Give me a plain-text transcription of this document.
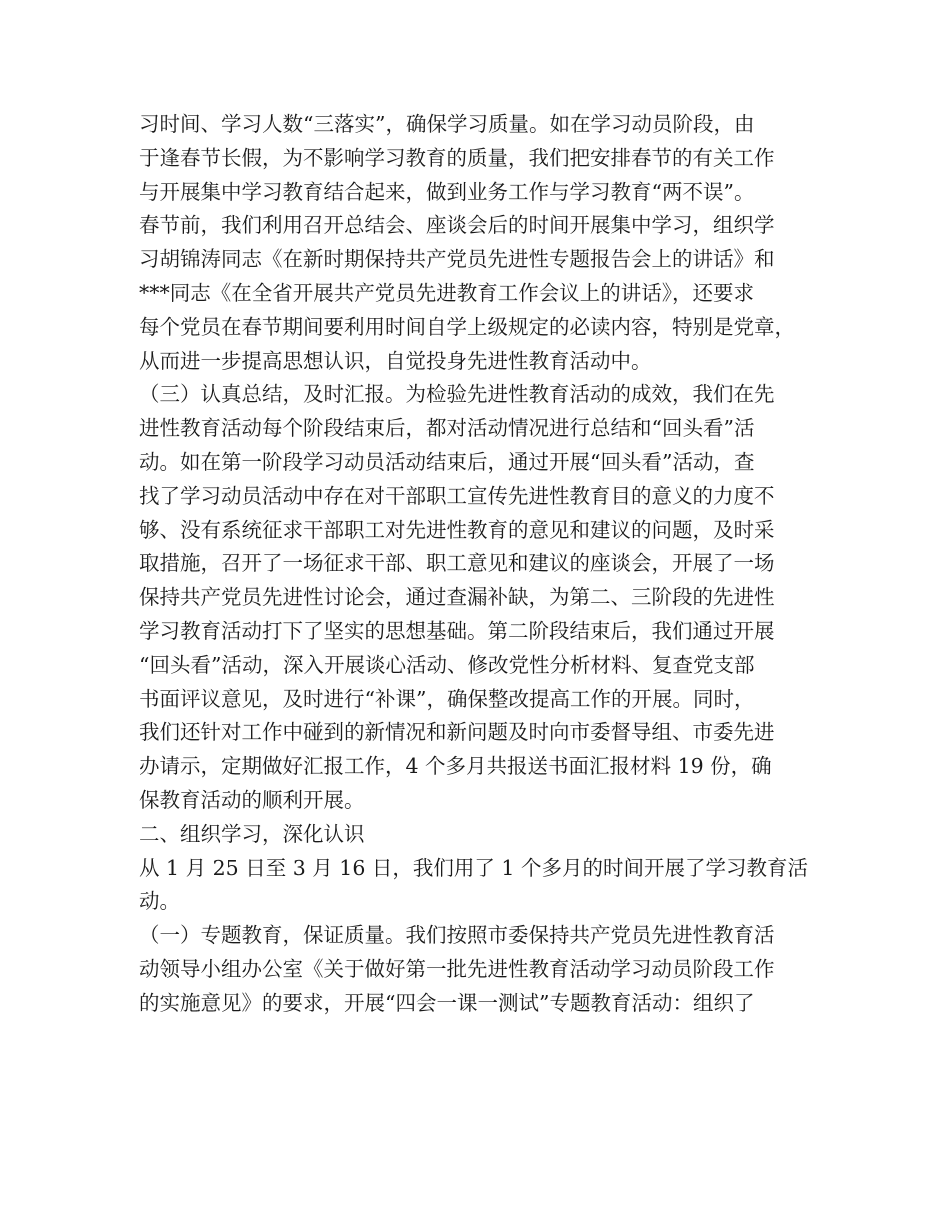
习时间、学习人数“三落实”，确保学习质量。如在学习动员阶段，由
于逢春节长假，为不影响学习教育的质量，我们把安排春节的有关工作
与开展集中学习教育结合起来，做到业务工作与学习教育“两不误”。
春节前，我们利用召开总结会、座谈会后的时间开展集中学习，组织学
习胡锦涛同志《在新时期保持共产党员先进性专题报告会上的讲话》和
***同志《在全省开展共产党员先进教育工作会议上的讲话》，还要求
每个党员在春节期间要利用时间自学上级规定的必读内容，特别是党章，
从而进一步提高思想认识，自觉投身先进性教育活动中。
（三）认真总结，及时汇报。为检验先进性教育活动的成效，我们在先
进性教育活动每个阶段结束后，都对活动情况进行总结和“回头看”活
动。如在第一阶段学习动员活动结束后，通过开展“回头看”活动，查
找了学习动员活动中存在对干部职工宣传先进性教育目的意义的力度不
够、没有系统征求干部职工对先进性教育的意见和建议的问题，及时采
取措施，召开了一场征求干部、职工意见和建议的座谈会，开展了一场
保持共产党员先进性讨论会，通过查漏补缺，为第二、三阶段的先进性
学习教育活动打下了坚实的思想基础。第二阶段结束后，我们通过开展
“回头看”活动，深入开展谈心活动、修改党性分析材料、复查党支部
书面评议意见，及时进行“补课”，确保整改提高工作的开展。同时，
我们还针对工作中碰到的新情况和新问题及时向市委督导组、市委先进
办请示，定期做好汇报工作，4 个多月共报送书面汇报材料 19 份，确
保教育活动的顺利开展。
二、组织学习，深化认识
从 1 月 25 日至 3 月 16 日，我们用了 1 个多月的时间开展了学习教育活
动。
（一）专题教育，保证质量。我们按照市委保持共产党员先进性教育活
动领导小组办公室《关于做好第一批先进性教育活动学习动员阶段工作
的实施意见》的要求，开展“四会一课一测试”专题教育活动：组织了
